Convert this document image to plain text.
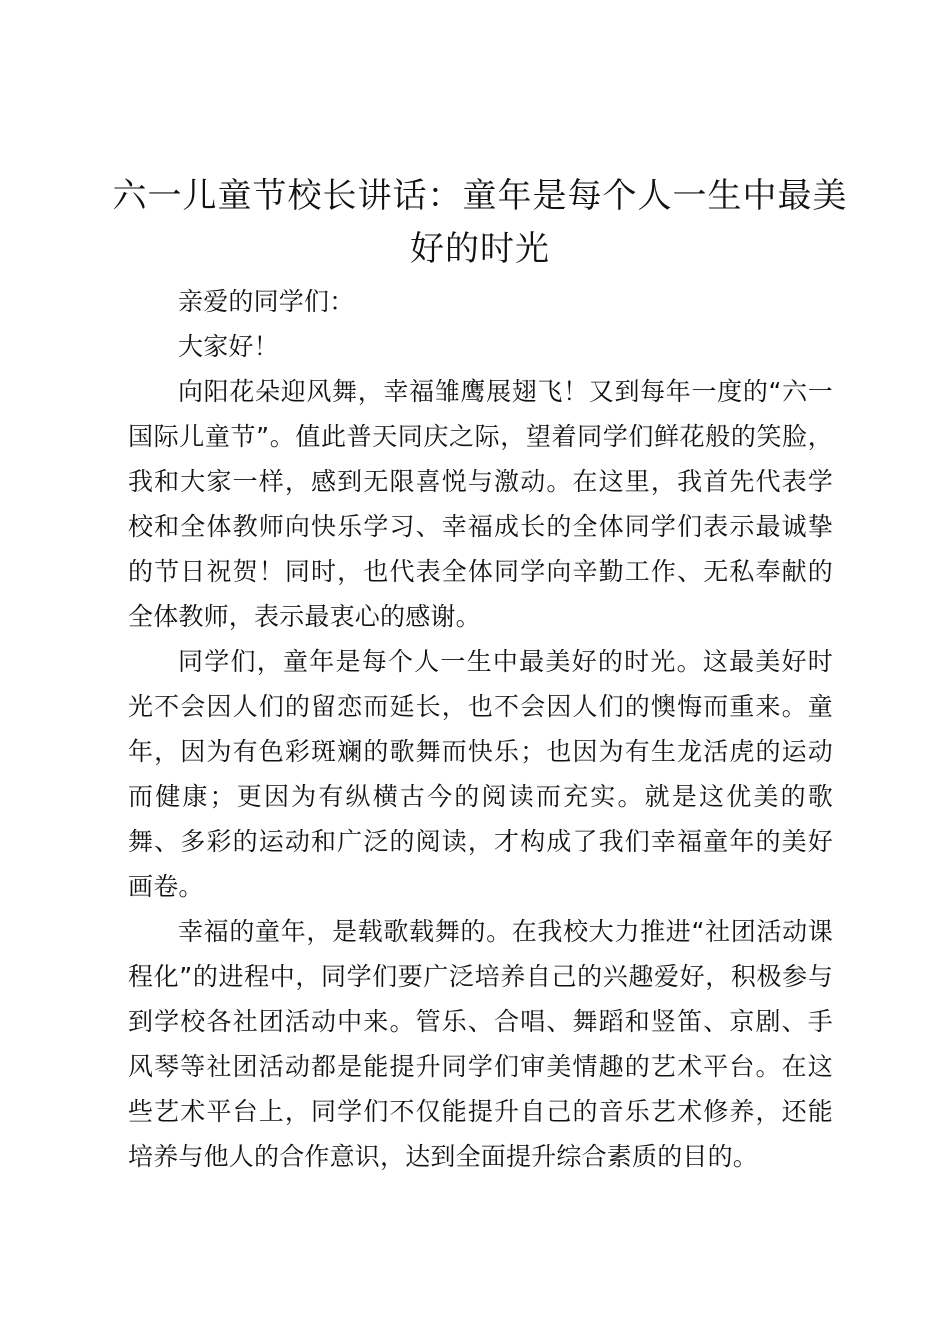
六一儿童节校长讲话：童年是每个人一生中最美好的时光

亲爱的同学们：

大家好！

向阳花朵迎风舞，幸福雏鹰展翅飞！又到每年一度的“六一国际儿童节”。值此普天同庆之际，望着同学们鲜花般的笑脸，我和大家一样，感到无限喜悦与激动。在这里，我首先代表学校和全体教师向快乐学习、幸福成长的全体同学们表示最诚挚的节日祝贺！同时，也代表全体同学向辛勤工作、无私奉献的全体教师，表示最衷心的感谢。

同学们，童年是每个人一生中最美好的时光。这最美好时光不会因人们的留恋而延长，也不会因人们的懊悔而重来。童年，因为有色彩斑斓的歌舞而快乐；也因为有生龙活虎的运动而健康；更因为有纵横古今的阅读而充实。就是这优美的歌舞、多彩的运动和广泛的阅读，才构成了我们幸福童年的美好画卷。

幸福的童年，是载歌载舞的。在我校大力推进“社团活动课程化”的进程中，同学们要广泛培养自己的兴趣爱好，积极参与到学校各社团活动中来。管乐、合唱、舞蹈和竖笛、京剧、手风琴等社团活动都是能提升同学们审美情趣的艺术平台。在这些艺术平台上，同学们不仅能提升自己的音乐艺术修养，还能培养与他人的合作意识，达到全面提升综合素质的目的。
